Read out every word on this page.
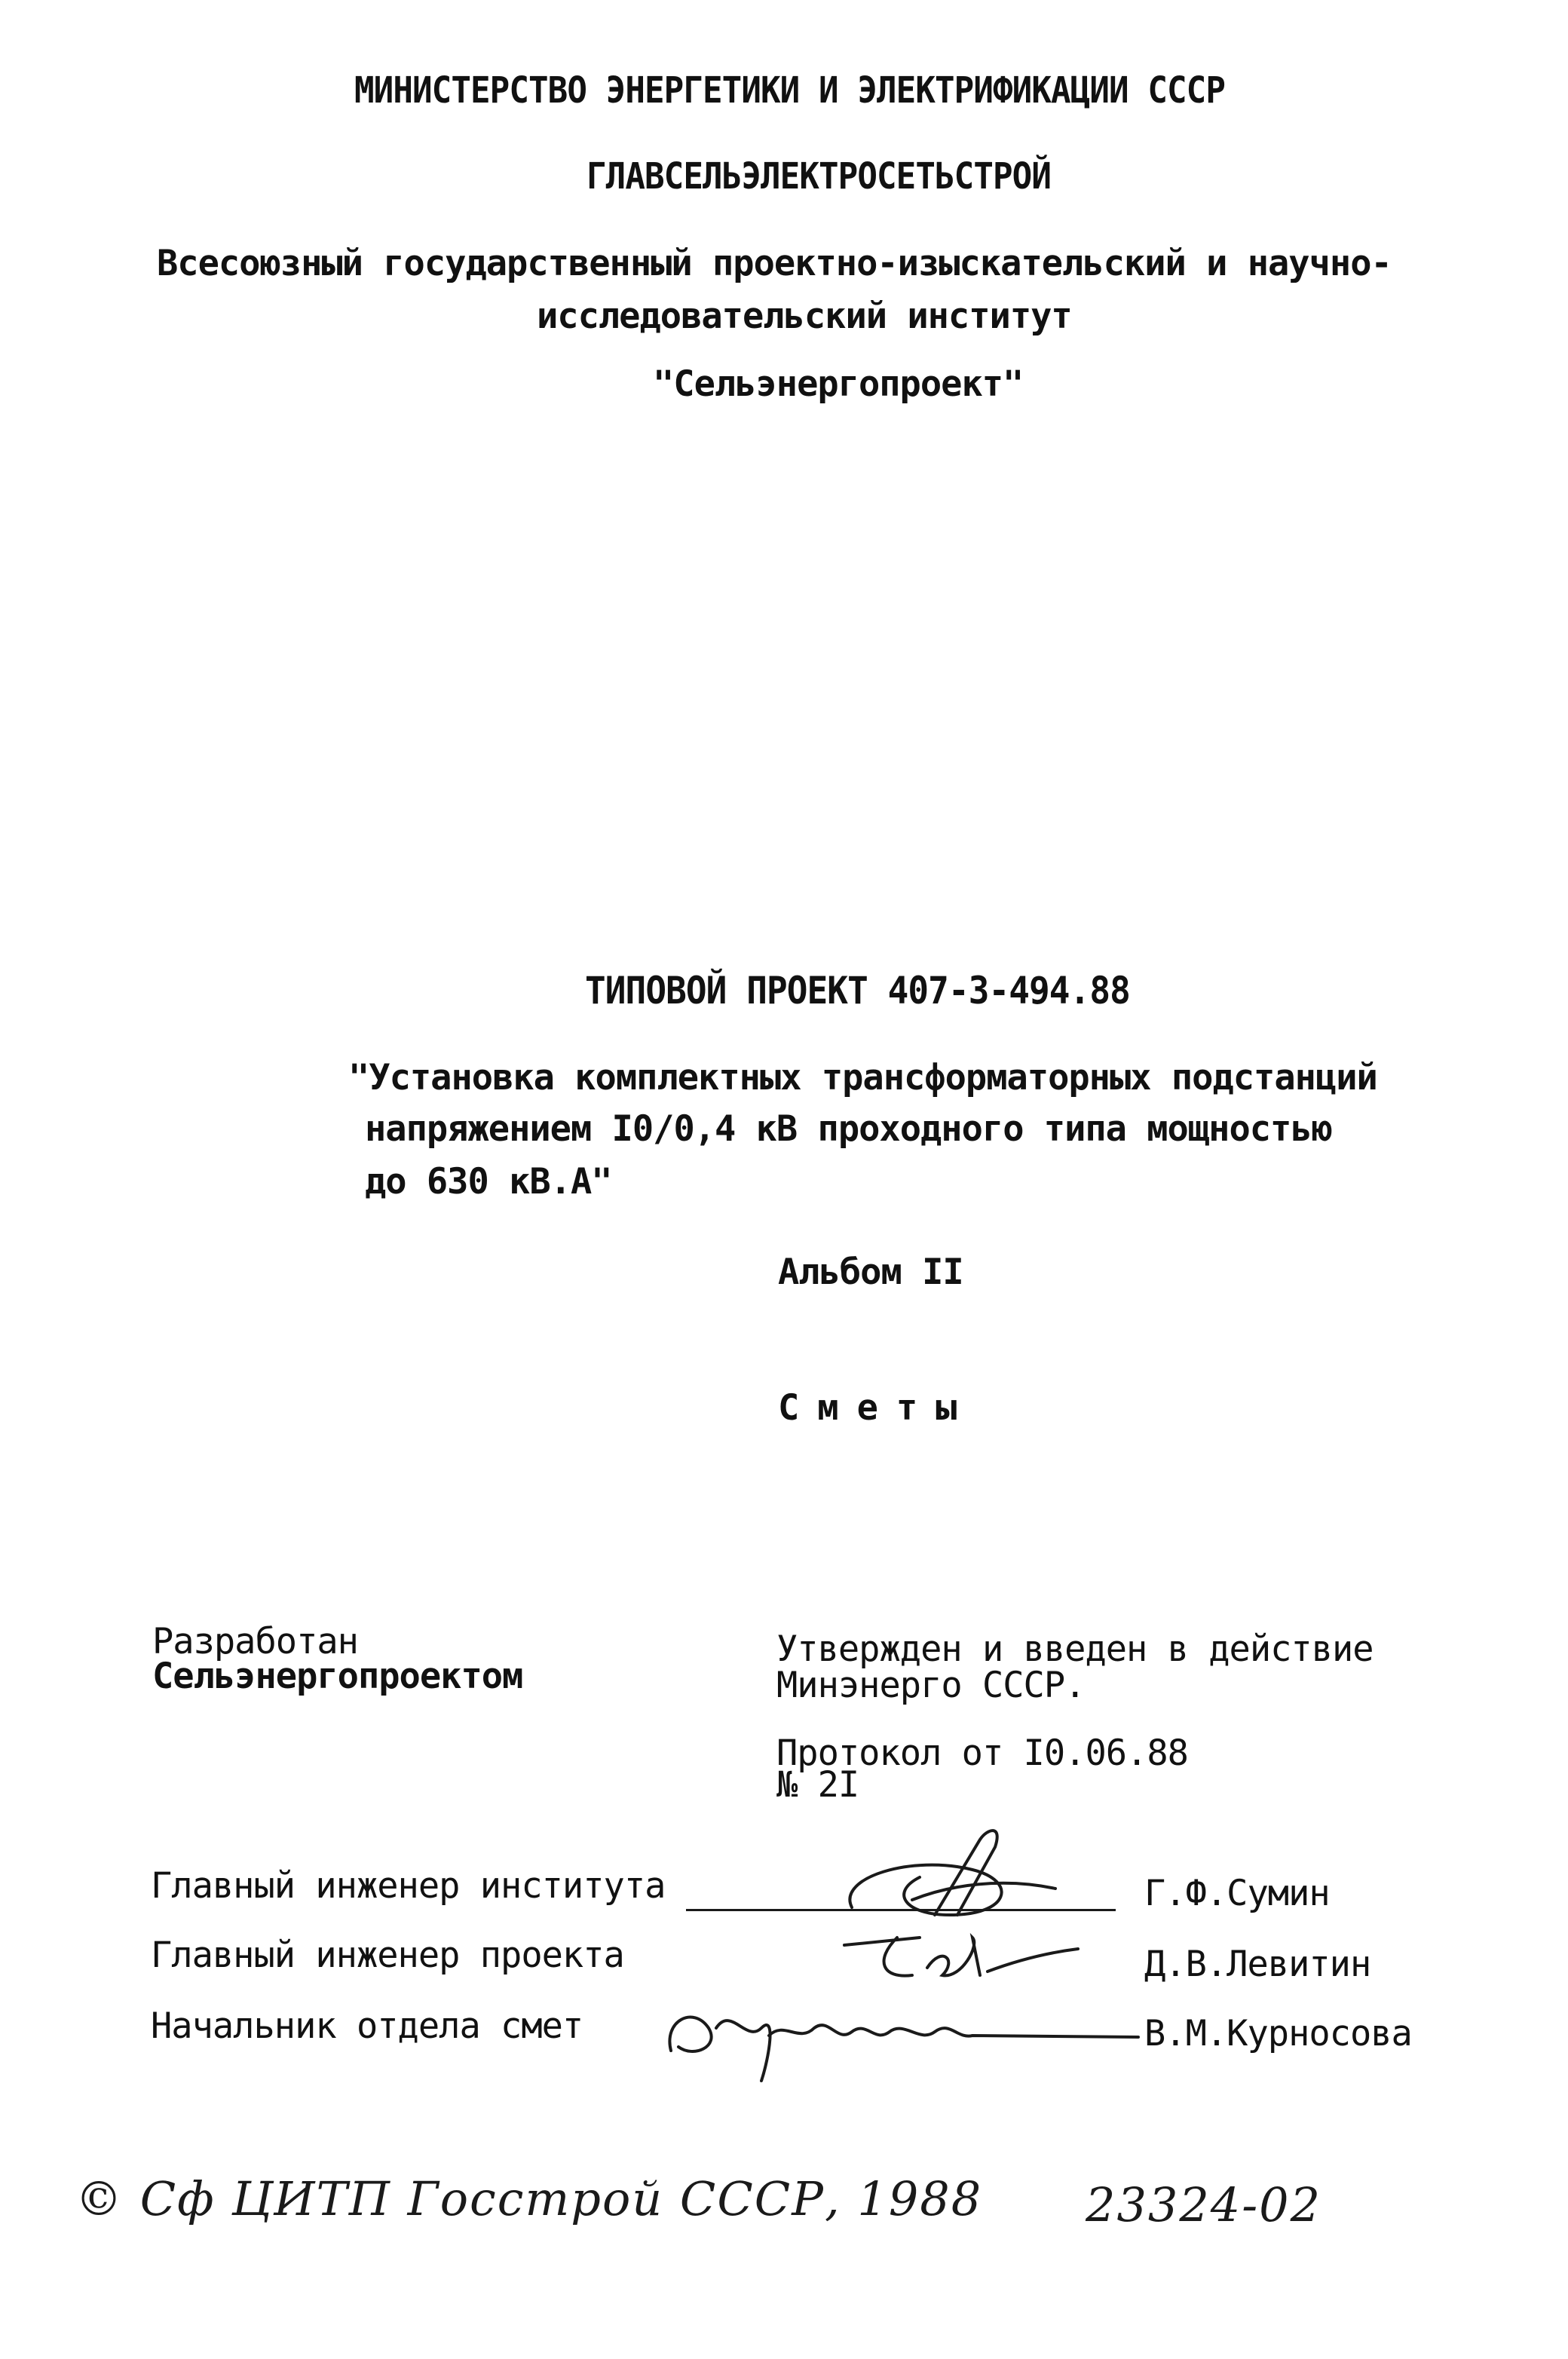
МИНИСТЕРСТВО ЭНЕРГЕТИКИ И ЭЛЕКТРИФИКАЦИИ СССР
ГЛАВСЕЛЬЭЛЕКТРОСЕТЬСТРОЙ
Всесоюзный государственный проектно-изыскательский и научно-
исследовательский институт
"Сельэнергопроект"
ТИПОВОЙ ПРОЕКТ 407-3-494.88
"Установка комплектных трансформаторных подстанций
напряжением I0/0,4 кВ проходного типа мощностью
до 630 кВ.А"
Альбом II
Сметы
Разработан
Сельэнергопроектом
Утвержден и введен в действие
Минэнерго СССР.
Протокол от I0.06.88
№ 2I
Главный инженер института	Г.Ф.Сумин
Главный инженер проекта	Д.В.Левитин
Начальник отдела смет	В.М.Курносова
© Сф ЦИТП Госстрой СССР, 1988 23324-02
